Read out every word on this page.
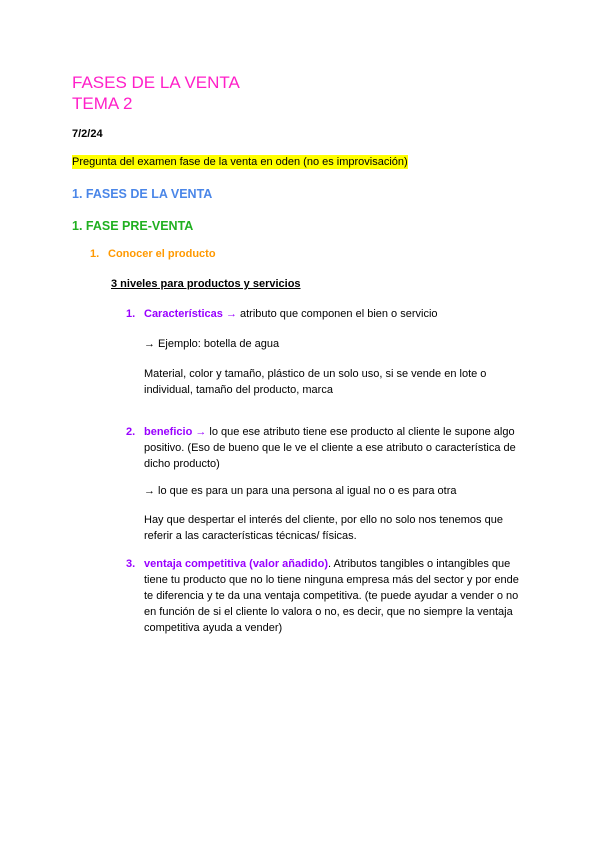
FASES DE LA VENTA
TEMA 2
7/2/24
Pregunta del examen fase de la venta en oden (no es improvisación)
1. FASES DE LA VENTA
1. FASE PRE-VENTA
1. Conocer el producto
3 niveles para productos y servicios
1. Características → atributo que componen el bien o servicio
→ Ejemplo: botella de agua
Material, color y tamaño, plástico de un solo uso, si se vende en lote o individual, tamaño del producto, marca
2. beneficio → lo que ese atributo tiene ese producto al cliente le supone algo positivo. (Eso de bueno que le ve el cliente a ese atributo o característica de dicho producto)
→ lo que es para un para una persona al igual no o es para otra
Hay que despertar el interés del cliente, por ello no solo nos tenemos que referir a las características técnicas/ físicas.
3. ventaja competitiva (valor añadido). Atributos tangibles o intangibles que tiene tu producto que no lo tiene ninguna empresa más del sector y por ende te diferencia y te da una ventaja competitiva. (te puede ayudar a vender o no en función de si el cliente lo valora o no, es decir, que no siempre la ventaja competitiva ayuda a vender)
